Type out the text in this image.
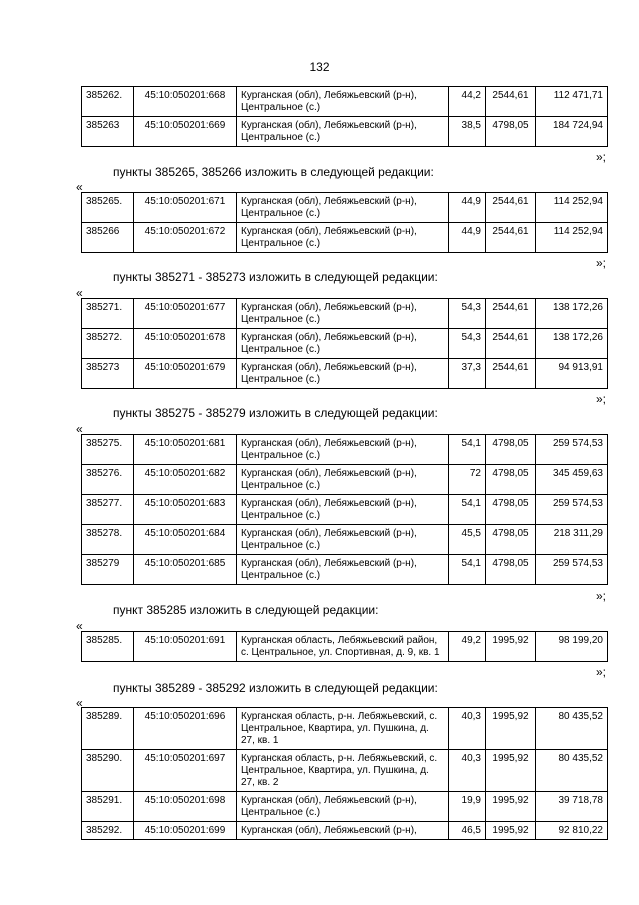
132
385262.	45:10:050201:668	Курганская (обл), Лебяжьевский (р-н), Центральное (с.)	44,2	2544,61	112 471,71
385263	45:10:050201:669	Курганская (обл), Лебяжьевский (р-н), Центральное (с.)	38,5	4798,05	184 724,94
»;
пункты 385265, 385266 изложить в следующей редакции:
«
385265.	45:10:050201:671	Курганская (обл), Лебяжьевский (р-н), Центральное (с.)	44,9	2544,61	114 252,94
385266	45:10:050201:672	Курганская (обл), Лебяжьевский (р-н), Центральное (с.)	44,9	2544,61	114 252,94
»;
пункты 385271 - 385273 изложить в следующей редакции:
«
385271.	45:10:050201:677	Курганская (обл), Лебяжьевский (р-н), Центральное (с.)	54,3	2544,61	138 172,26
385272.	45:10:050201:678	Курганская (обл), Лебяжьевский (р-н), Центральное (с.)	54,3	2544,61	138 172,26
385273	45:10:050201:679	Курганская (обл), Лебяжьевский (р-н), Центральное (с.)	37,3	2544,61	94 913,91
»;
пункты 385275 - 385279 изложить в следующей редакции:
«
385275.	45:10:050201:681	Курганская (обл), Лебяжьевский (р-н), Центральное (с.)	54,1	4798,05	259 574,53
385276.	45:10:050201:682	Курганская (обл), Лебяжьевский (р-н), Центральное (с.)	72	4798,05	345 459,63
385277.	45:10:050201:683	Курганская (обл), Лебяжьевский (р-н), Центральное (с.)	54,1	4798,05	259 574,53
385278.	45:10:050201:684	Курганская (обл), Лебяжьевский (р-н), Центральное (с.)	45,5	4798,05	218 311,29
385279	45:10:050201:685	Курганская (обл), Лебяжьевский (р-н), Центральное (с.)	54,1	4798,05	259 574,53
»;
пункт 385285 изложить в следующей редакции:
«
385285.	45:10:050201:691	Курганская область, Лебяжьевский район, с. Центральное, ул. Спортивная, д. 9, кв. 1	49,2	1995,92	98 199,20
»;
пункты 385289 - 385292 изложить в следующей редакции:
«
385289.	45:10:050201:696	Курганская область, р-н. Лебяжьевский, с. Центральное, Квартира, ул. Пушкина, д. 27, кв. 1	40,3	1995,92	80 435,52
385290.	45:10:050201:697	Курганская область, р-н. Лебяжьевский, с. Центральное, Квартира, ул. Пушкина, д. 27, кв. 2	40,3	1995,92	80 435,52
385291.	45:10:050201:698	Курганская (обл), Лебяжьевский (р-н), Центральное (с.)	19,9	1995,92	39 718,78
385292.	45:10:050201:699	Курганская (обл), Лебяжьевский (р-н),	46,5	1995,92	92 810,22
